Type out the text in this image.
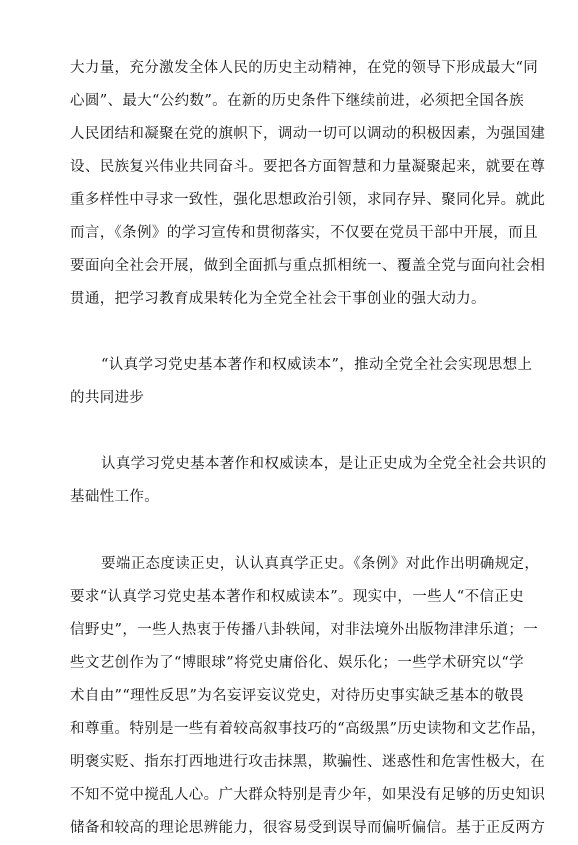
大力量，充分激发全体人民的历史主动精神，在党的领导下形成最大“同
心圆”、最大“公约数”。在新的历史条件下继续前进，必须把全国各族
人民团结和凝聚在党的旗帜下，调动一切可以调动的积极因素，为强国建
设、民族复兴伟业共同奋斗。要把各方面智慧和力量凝聚起来，就要在尊
重多样性中寻求一致性，强化思想政治引领，求同存异、聚同化异。就此
而言，《条例》的学习宣传和贯彻落实，不仅要在党员干部中开展，而且
要面向全社会开展，做到全面抓与重点抓相统一、覆盖全党与面向社会相
贯通，把学习教育成果转化为全党全社会干事创业的强大动力。

“认真学习党史基本著作和权威读本”，推动全党全社会实现思想上
的共同进步

认真学习党史基本著作和权威读本，是让正史成为全党全社会共识的
基础性工作。

要端正态度读正史，认认真真学正史。《条例》对此作出明确规定，
要求“认真学习党史基本著作和权威读本”。现实中，一些人“不信正史
信野史”，一些人热衷于传播八卦轶闻，对非法境外出版物津津乐道；一
些文艺创作为了“博眼球”将党史庸俗化、娱乐化；一些学术研究以“学
术自由”“理性反思”为名妄评妄议党史，对待历史事实缺乏基本的敬畏
和尊重。特别是一些有着较高叙事技巧的“高级黑”历史读物和文艺作品，
明褒实贬、指东打西地进行攻击抹黑，欺骗性、迷惑性和危害性极大，在
不知不觉中搅乱人心。广大群众特别是青少年，如果没有足够的历史知识
储备和较高的理论思辨能力，很容易受到误导而偏听偏信。基于正反两方
